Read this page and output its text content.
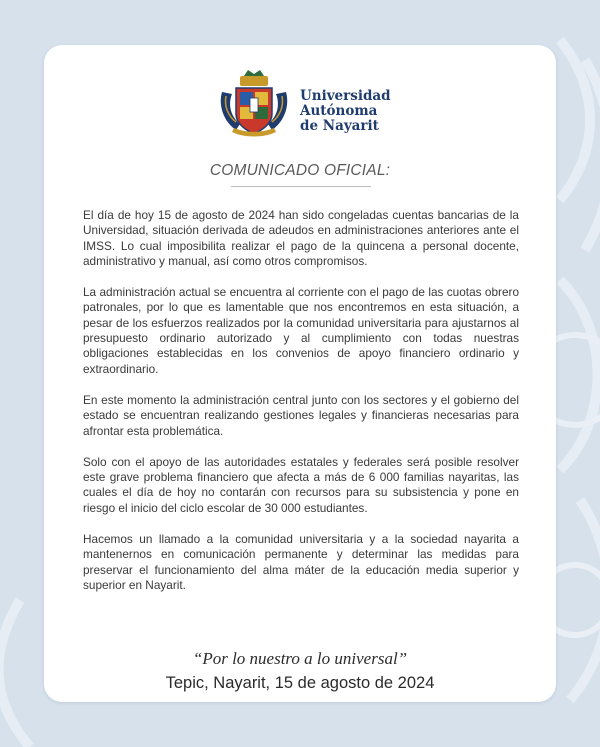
Universidad
Autónoma
de Nayarit
COMUNICADO OFICIAL:

El día de hoy 15 de agosto de 2024 han sido congeladas cuentas bancarias de la Universidad, situación derivada de adeudos en administraciones anteriores ante el IMSS. Lo cual imposibilita realizar el pago de la quincena a personal docente, administrativo y manual, así como otros compromisos.

La administración actual se encuentra al corriente con el pago de las cuotas obrero patronales, por lo que es lamentable que nos encontremos en esta situación, a pesar de los esfuerzos realizados por la comunidad universitaria para ajustarnos al presupuesto ordinario autorizado y al cumplimiento con todas nuestras obligaciones establecidas en los convenios de apoyo financiero ordinario y extraordinario.

En este momento la administración central junto con los sectores y el gobierno del estado se encuentran realizando gestiones legales y financieras necesarias para afrontar esta problemática.

Solo con el apoyo de las autoridades estatales y federales será posible resolver este grave problema financiero que afecta a más de 6 000 familias nayaritas, las cuales el día de hoy no contarán con recursos para su subsistencia y pone en riesgo el inicio del ciclo escolar de 30 000 estudiantes.

Hacemos un llamado a la comunidad universitaria y a la sociedad nayarita a mantenernos en comunicación permanente y determinar las medidas para preservar el funcionamiento del alma máter de la educación media superior y superior en Nayarit.

“Por lo nuestro a lo universal”
Tepic, Nayarit, 15 de agosto de 2024
